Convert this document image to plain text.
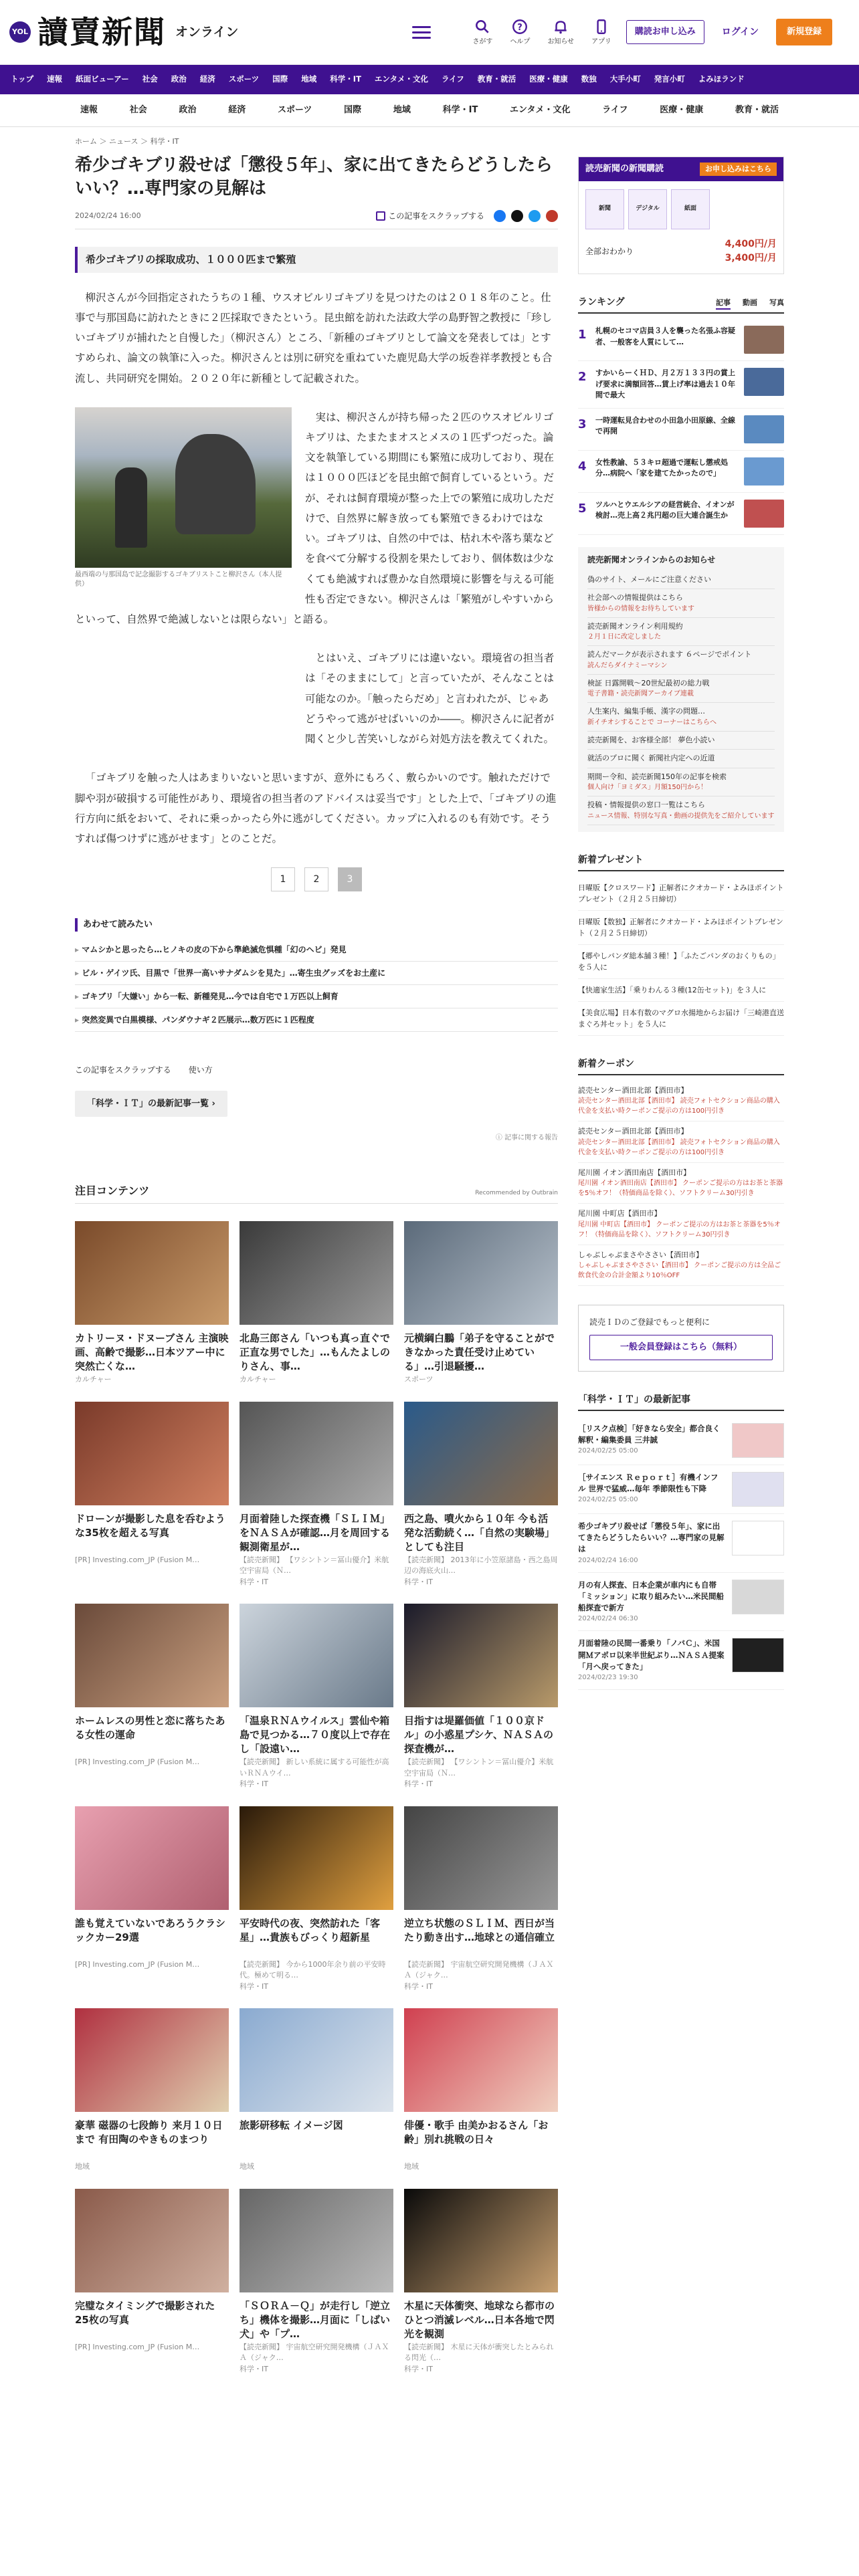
YOL 讀賣新聞 オンライン
さがす
?
ヘルプ	お知らせ	アプリ
購読お申し込み	ログイン	新規登録
トップ	速報	紙面ビューアー	社会	政治	経済	スポーツ	国際	地域	科学・IT	エンタメ・文化	ライフ	教育・就活	医療・健康	数独	大手小町	発言小町	よみほランド
速報	社会	政治	経済	スポーツ	国際	地域	科学・IT	エンタメ・文化	ライフ	医療・健康	教育・就活
ホーム ＞ ニュース ＞ 科学・IT
希少ゴキブリ殺せば「懲役５年」、家に出てきたらどうしたらいい？…専門家の見解は
2024/02/24 16:00	この記事をスクラップする
希少ゴキブリの採取成功、１０００匹まで繁殖

柳沢さんが今回指定されたうちの１種、ウスオビルリゴキブリを見つけたのは２０１８年のこと。仕事で与那国島に訪れたときに２匹採取できたという。昆虫館を訪れた法政大学の島野智之教授に「珍しいゴキブリが捕れたと自慢した」（柳沢さん）ところ、「新種のゴキブリとして論文を発表しては」とすすめられ、論文の執筆に入った。柳沢さんとは別に研究を重ねていた鹿児島大学の坂巻祥孝教授とも合流し、共同研究を開始。２０２０年に新種として記載された。

最西端の与那国島で記念撮影するゴキブリストこと柳沢さん（本人提供）

実は、柳沢さんが持ち帰った２匹のウスオビルリゴキブリは、たまたまオスとメスの１匹ずつだった。論文を執筆している期間にも繁殖に成功しており、現在は１０００匹ほどを昆虫館で飼育しているという。だが、それは飼育環境が整った上での繁殖に成功しただけで、自然界に解き放っても繁殖できるわけではない。ゴキブリは、自然の中では、枯れ木や落ち葉などを食べて分解する役割を果たしており、個体数は少なくても絶滅すれば豊かな自然環境に影響を与える可能性も否定できない。柳沢さんは「繁殖がしやすいからといって、自然界で絶滅しないとは限らない」と語る。

とはいえ、ゴキブリには違いない。環境省の担当者は「そのままにして」と言っていたが、そんなことは可能なのか。「触ったらだめ」と言われたが、じゃあどうやって逃がせばいいのか――。柳沢さんに記者が聞くと少し苦笑いしながら対処方法を教えてくれた。

「ゴキブリを触った人はあまりいないと思いますが、意外にもろく、敷らかいのです。触れただけで脚や羽が破損する可能性があり、環境省の担当者のアドバイスは妥当です」とした上で、「ゴキブリの進行方向に紙をおいて、それに乗っかったら外に逃がしてください。カップに入れるのも有効です。そうすれば傷つけずに逃がせます」とのことだ。

1	2	3
あわせて読みたい
▸ マムシかと思ったら…ヒノキの皮の下から準絶滅危惧種「幻のヘビ」発見
▸ ビル・ゲイツ氏、目黒で「世界一高いサナダムシを見た」…寄生虫グッズをお土産に
▸ ゴキブリ「大嫌い」から一転、新種発見…今では自宅で１万匹以上飼育
▸ 突然変異で白黒模様、パンダウナギ２匹展示…数万匹に１匹程度
この記事をスクラップする 使い方
「科学・ＩＴ」の最新記事一覧 ›
ⓘ 記事に関する報告
注目コンテンツ	Recommended by Outbrain
カトリーヌ・ドヌーブさん 主演映画、高齢で撮影…日本ツアー中に突然亡くな…
カルチャー
北島三郎さん「いつも真っ直ぐで正直な男でした」…もんたよしのりさん、事…
カルチャー
元横綱白鵬「弟子を守ることができなかった責任受け止めている」…引退騒擾…
スポーツ
ドローンが撮影した息を呑むような35枚を超える写真
[PR] Investing.com_JP (Fusion M…
月面着陸した探査機「ＳＬＩＭ」をＮＡＳＡが確認…月を周回する観測衛星が…
【読売新聞】 【ワシントン＝冨山優介】米航空宇宙局（Ｎ…
科学・IT
西之島、噴火から１０年 今も活発な活動続く…「自然の実験場」としても注目
【読売新聞】 2013年に小笠原諸島・西之島周辺の海底火山…
科学・IT
ホームレスの男性と恋に落ちたある女性の運命
[PR] Investing.com_JP (Fusion M…
「温泉ＲＮＡウイルス」雲仙や箱島で見つかる…７０度以上で存在し「設遠い…
【読売新聞】 新しい系統に属する可能性が高いＲＮＡウイ…
科学・IT
目指すは堤羅価値「１００京ドル」の小惑星プシケ、ＮＡＳＡの探査機が…
【読売新聞】 【ワシントン＝冨山優介】米航空宇宙局（Ｎ…
科学・IT
誰も覚えていないであろうクラシックカー29選
[PR] Investing.com_JP (Fusion M…
平安時代の夜、突然訪れた「客星」…貴族もびっくり超新星
【読売新聞】 今から1000年余り前の平安時代。極めて明る…
科学・IT
逆立ち状態のＳＬＩＭ、西日が当たり動き出す…地球との通信確立
【読売新聞】 宇宙航空研究開発機構（ＪＡＸＡ（ジャク…
科学・IT
豪華 磁器の七段飾り 来月１０日まで 有田陶のやきものまつり
地域
旅影研移転 イメージ図
地域
俳優・歌手 由美かおるさん「お齢」別れ挑戦の日々
地域
完璧なタイミングで撮影された25枚の写真
[PR] Investing.com_JP (Fusion M…
「ＳＯＲＡ－Ｑ」が走行し「逆立ち」機体を撮影…月面に「しばい犬」や「プ…
【読売新聞】 宇宙航空研究開発機構（ＪＡＸＡ（ジャク…
科学・IT
木星に天体衝突、地球なら都市のひとつ消滅レベル…日本各地で閃光を観測
【読売新聞】 木星に天体が衝突したとみられる閃光（…
科学・IT
読売新聞の新聞購読	お申し込みはこちら
新聞	デジタル	紙面
全部おわかり
4,400円/月
3,400円/月
ランキング	記事 動画 写真
1	札幌のセコマ店員３人を襲った名張ふ容疑者、一般客を人質にして…
2	すかいらーくＨＤ、月２万１３３円の賞上げ要求に満額回答…賃上げ率は過去１０年間で最大
3	一時運転見合わせの小田急小田原線、全線で再開
4	女性教諭、５３キロ超過で運転し懲戒処分…病院へ「家を建てたかったので」
5	ツルハとウエルシアの経営統合、イオンが検討…売上高２兆円超の巨大連合誕生か
読売新聞オンラインからのお知らせ
偽のサイト、メールにご注意ください
社会部への情報提供はこちら
皆様からの情報をお待ちしています
読売新聞オンライン利用規約
２月１日に改定しました
読んだマークが表示されます ６ページでポイント
読んだらダイナミーマシン
検証 日露開戦～20世紀最初の総力戦
電子書籍・読売新聞アーカイブ連載
人生案内、編集手帳、漢字の問題…
新イチオシすることで コーナーはこちらへ
読売新聞を、お客様全部！ 夢色小読い
就活のプロに聞く 新聞社内定への近道
期間ー令和、読売新聞150年の記事を検索
個人向け「ヨミダス」月額150円から！
投稿・情報提供の窓口一覧はこちら
ニュース情報、特別な写真・動画の提供先をご紹介しています
新着プレゼント
日曜版【クロスワード】正解者にクオカード・よみほポイントプレゼント（２月２５日締切）
日曜版【数独】正解者にクオカード・よみほポイントプレゼント（２月２５日締切）
【郷やしパンダ総本舗３種！】「ふたごパンダのおくりもの」を５人に
【快適家生活】「乗りわんる３種(12缶セット)」を３人に
【美食広場】日本有数のマグロ水揚地からお届け「三崎港直送まぐろ丼セット」を５人に
新着クーポン
読売センター酒田北部【酒田市】
読売センター酒田北部【酒田市】 読売フォトセクション商品の購入代金を支払い時クーポンご提示の方は100円引き
読売センター酒田北部【酒田市】
読売センター酒田北部【酒田市】 読売フォトセクション商品の購入代金を支払い時クーポンご提示の方は100円引き
尾川園 イオン酒田南店【酒田市】
尾川園 イオン酒田南店【酒田市】 クーポンご提示の方はお茶と茶器を5％オフ！（特価商品を除く）、ソフトクリーム30円引き
尾川園 中町店【酒田市】
尾川園 中町店【酒田市】 クーポンご提示の方はお茶と茶器を5％オフ！（特価商品を除く）、ソフトクリーム30円引き
しゃぶしゃぶまさやささい【酒田市】
しゃぶしゃぶまさやささい【酒田市】 クーポンご提示の方は全品ご飲食代金の合計金額より10％OFF

読売ＩＤのご登録でもっと便利に

一般会員登録はこちら（無料）
「科学・ＩＴ」の最新記事
［リスク点検］「好きなら安全」都合良く解釈・編集委員 三井誠
2024/02/25 05:00
［サイエンス Ｒｅｐｏｒｔ］有機インフル 世界で猛威…毎年 季節限性も下降
2024/02/25 05:00
希少ゴキブリ殺せば「懲役５年」、家に出てきたらどうしたらいい？…専門家の見解は
2024/02/24 16:00
月の有人探査、日本企業が車内にも自帯「ミッション」に取り組みたい…米民間船船探査で新方
2024/02/24 06:30
月面着陸の民間一番乗り「ノバＣ」、米国開Ｍアポロ以来半世紀ぶり…ＮＡＳＡ提案「月へ戻ってきた」
2024/02/23 19:30
